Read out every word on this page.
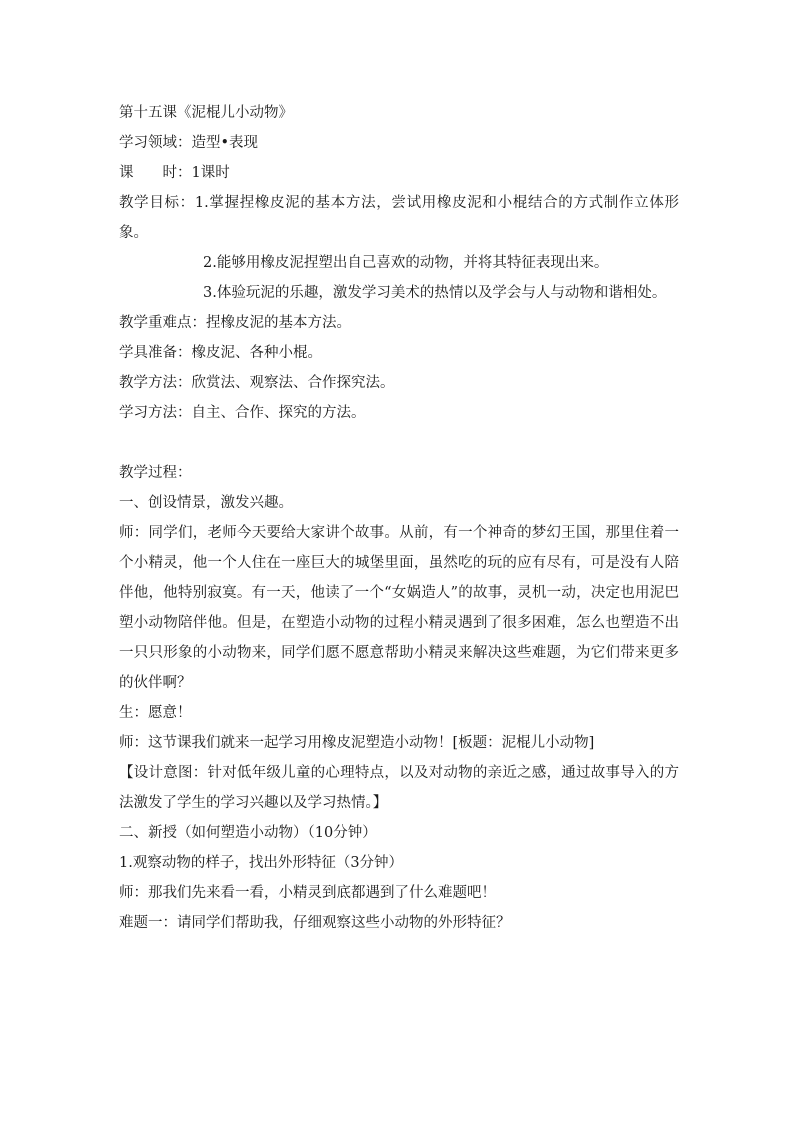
第十五课《泥棍儿小动物》
学习领域：造型•表现
课　　时：1课时
教学目标：1.掌握捏橡皮泥的基本方法，尝试用橡皮泥和小棍结合的方式制作立体形象。
2.能够用橡皮泥捏塑出自己喜欢的动物，并将其特征表现出来。
3.体验玩泥的乐趣，激发学习美术的热情以及学会与人与动物和谐相处。
教学重难点：捏橡皮泥的基本方法。
学具准备：橡皮泥、各种小棍。
教学方法：欣赏法、观察法、合作探究法。
学习方法：自主、合作、探究的方法。
教学过程：
一、创设情景，激发兴趣。
师：同学们，老师今天要给大家讲个故事。从前，有一个神奇的梦幻王国，那里住着一个小精灵，他一个人住在一座巨大的城堡里面，虽然吃的玩的应有尽有，可是没有人陪伴他，他特别寂寞。有一天，他读了一个“女娲造人”的故事，灵机一动，决定也用泥巴塑小动物陪伴他。但是，在塑造小动物的过程小精灵遇到了很多困难，怎么也塑造不出一只只形象的小动物来，同学们愿不愿意帮助小精灵来解决这些难题，为它们带来更多的伙伴啊？
生：愿意！
师：这节课我们就来一起学习用橡皮泥塑造小动物！[板题：泥棍儿小动物]
【设计意图：针对低年级儿童的心理特点，以及对动物的亲近之感，通过故事导入的方法激发了学生的学习兴趣以及学习热情。】
二、新授（如何塑造小动物）（10分钟）
1.观察动物的样子，找出外形特征（3分钟）
师：那我们先来看一看，小精灵到底都遇到了什么难题吧！
难题一：请同学们帮助我，仔细观察这些小动物的外形特征？
